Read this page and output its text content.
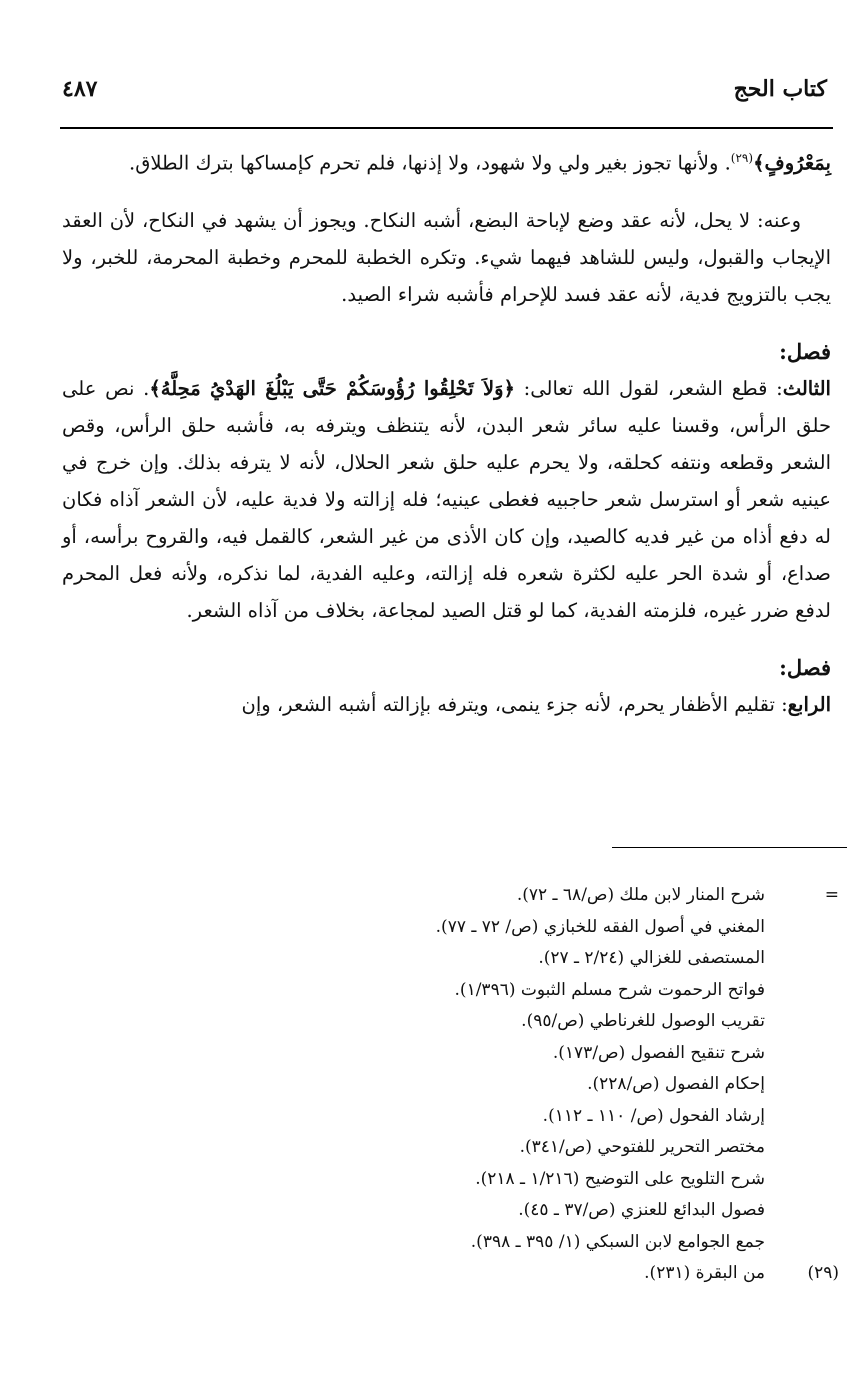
كتاب الحج
٤٨٧

بِمَعْرُوفٍ﴾$^{(٢٩)}$. ولأنها تجوز بغير ولي ولا شهود، ولا إذنها، فلم تحرم كإمساكها بترك الطلاق.

وعنه: لا يحل، لأنه عقد وضع لإباحة البضع، أشبه النكاح. ويجوز أن يشهد في النكاح، لأن العقد الإيجاب والقبول، وليس للشاهد فيهما شيء. وتكره الخطبة للمحرم وخطبة المحرمة، للخبر، ولا يجب بالتزويج فدية، لأنه عقد فسد للإحرام فأشبه شراء الصيد.

فصل:

الثالث: قطع الشعر، لقول الله تعالى: ﴿وَلاَ تَحْلِقُوا رُؤُوسَكُمْ حَتَّى يَبْلُغَ الهَدْيُ مَحِلَّهُ﴾. نص على حلق الرأس، وقسنا عليه سائر شعر البدن، لأنه يتنظف ويترفه به، فأشبه حلق الرأس، وقص الشعر وقطعه ونتفه كحلقه، ولا يحرم عليه حلق شعر الحلال، لأنه لا يترفه بذلك. وإن خرج في عينيه شعر أو استرسل شعر حاجبيه فغطى عينيه؛ فله إزالته ولا فدية عليه، لأن الشعر آذاه فكان له دفع أذاه من غير فديه كالصيد، وإن كان الأذى من غير الشعر، كالقمل فيه، والقروح برأسه، أو صداع، أو شدة الحر عليه لكثرة شعره فله إزالته، وعليه الفدية، لما نذكره، ولأنه فعل المحرم لدفع ضرر غيره، فلزمته الفدية، كما لو قتل الصيد لمجاعة، بخلاف من آذاه الشعر.

فصل:

الرابع: تقليم الأظفار يحرم، لأنه جزء ينمى، ويترفه بإزالته أشبه الشعر، وإن

=
شرح المنار لابن ملك (ص/٦٨ ـ ٧٢).
المغني في أصول الفقه للخبازي (ص/ ٧٢ ـ ٧٧).
المستصفى للغزالي (٢/٢٤ ـ ٢٧).
فواتح الرحموت شرح مسلم الثبوت (١/٣٩٦).
تقريب الوصول للغرناطي (ص/٩٥).
شرح تنقيح الفصول (ص/١٧٣).
إحكام الفصول (ص/٢٢٨).
إرشاد الفحول (ص/ ١١٠ ـ ١١٢).
مختصر التحرير للفتوحي (ص/٣٤١).
شرح التلويح على التوضيح (١/٢١٦ ـ ٢١٨).
فصول البدائع للعنزي (ص/٣٧ ـ ٤٥).
جمع الجوامع لابن السبكي (١/ ٣٩٥ ـ ٣٩٨).
(٢٩)
من البقرة (٢٣١).
